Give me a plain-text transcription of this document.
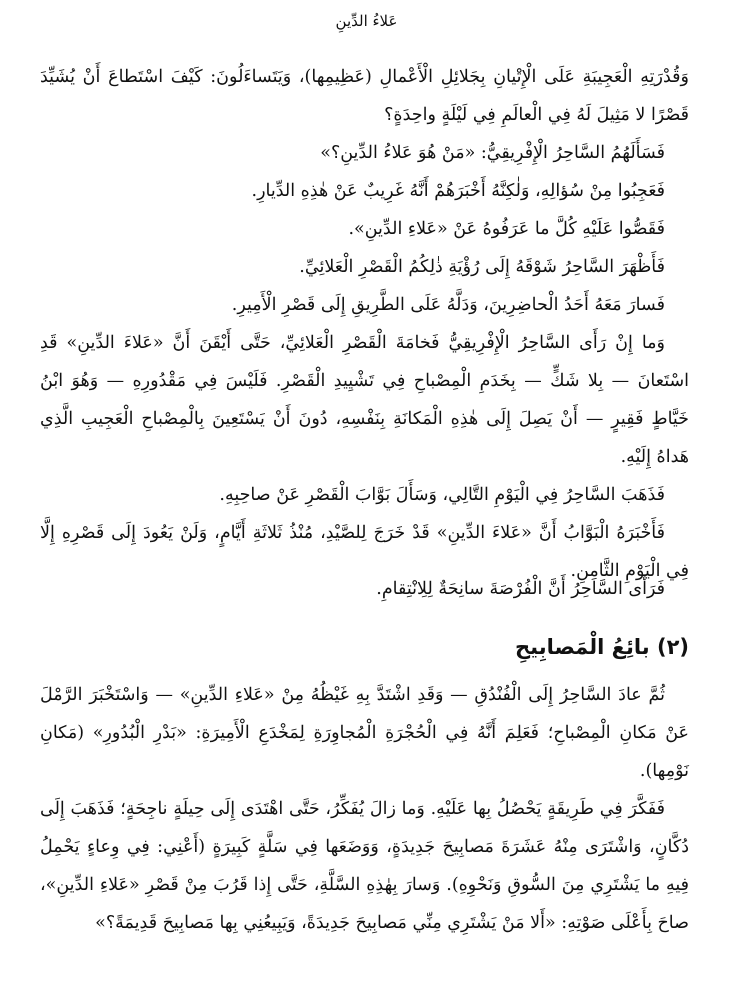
عَلاءُ الدِّينِ

وَقُدْرَتِهِ الْعَجِيبَةِ عَلَى الْإِتْيانِ بِجَلائِلِ الْأَعْمالِ (عَظِيمِها)، وَيَتَساءَلُونَ: كَيْفَ اسْتَطاعَ أَنْ يُشَيِّدَ قَصْرًا لا مَثِيلَ لَهُ فِي الْعالَمِ فِي لَيْلَةٍ واحِدَةٍ؟

فَسَأَلَهُمُ السَّاحِرُ الْإِفْرِيقِيُّ: «مَنْ هُوَ عَلاءُ الدِّينِ؟»

فَعَجِبُوا مِنْ سُؤالِهِ، وَلٰكِنَّهُ أَخْبَرَهُمْ أَنَّهُ غَرِيبٌ عَنْ هٰذِهِ الدِّيارِ.

فَقَصُّوا عَلَيْهِ كُلَّ ما عَرَفُوهُ عَنْ «عَلاءِ الدِّينِ».

فَأَظْهَرَ السَّاحِرُ شَوْقَهُ إِلَى رُؤْيَةِ ذٰلِكُمُ الْقَصْرِ الْعَلائِيِّ.

فَسارَ مَعَهُ أَحَدُ الْحاضِرِينَ، وَدَلَّهُ عَلَى الطَّرِيقِ إِلَى قَصْرِ الْأَمِيرِ.

وَما إِنْ رَأَى السَّاحِرُ الْإِفْرِيقِيُّ فَخامَةَ الْقَصْرِ الْعَلائِيِّ، حَتَّى أَيْقَنَ أَنَّ «عَلاءَ الدِّينِ» قَدِ اسْتَعانَ — بِلا شَكٍّ — بِخَدَمِ الْمِصْباحِ فِي تَشْيِيدِ الْقَصْرِ. فَلَيْسَ فِي مَقْدُورِهِ — وَهُوَ ابْنُ خَيَّاطٍ فَقِيرٍ — أَنْ يَصِلَ إِلَى هٰذِهِ الْمَكانَةِ بِنَفْسِهِ، دُونَ أَنْ يَسْتَعِينَ بِالْمِصْباحِ الْعَجِيبِ الَّذِي هَداهُ إِلَيْهِ.

فَذَهَبَ السَّاحِرُ فِي الْيَوْمِ التَّالِي، وَسَأَلَ بَوَّابَ الْقَصْرِ عَنْ صاحِبِهِ.

فَأَخْبَرَهُ الْبَوَّابُ أَنَّ «عَلاءَ الدِّينِ» قَدْ خَرَجَ لِلصَّيْدِ، مُنْذُ ثَلاثَةِ أَيَّامٍ، وَلَنْ يَعُودَ إِلَى قَصْرِهِ إِلَّا فِي الْيَوْمِ الثَّامِنِ.

فَرَأَى السَّاحِرُ أَنَّ الْفُرْصَةَ سانِحَةٌ لِلِانْتِقامِ.

(٢) بائِعُ الْمَصابِيحِ

ثُمَّ عادَ السَّاحِرُ إِلَى الْفُنْدُقِ — وَقَدِ اشْتَدَّ بِهِ غَيْظُهُ مِنْ «عَلاءِ الدِّينِ» — وَاسْتَخْبَرَ الرَّمْلَ عَنْ مَكانِ الْمِصْباحِ؛ فَعَلِمَ أَنَّهُ فِي الْحُجْرَةِ الْمُجاوِرَةِ لِمَخْدَعِ الْأَمِيرَةِ: «بَدْرِ الْبُدُورِ» (مَكانِ نَوْمِها).

فَفَكَّرَ فِي طَرِيقَةٍ يَحْصُلُ بِها عَلَيْهِ. وَما زالَ يُفَكِّرُ، حَتَّى اهْتَدَى إِلَى حِيلَةٍ ناجِحَةٍ؛ فَذَهَبَ إِلَى دُكَّانٍ، وَاشْتَرَى مِنْهُ عَشَرَةَ مَصابِيحَ جَدِيدَةٍ، وَوَضَعَها فِي سَلَّةٍ كَبِيرَةٍ (أَعْنِي: فِي وِعاءٍ يَحْمِلُ فِيهِ ما يَشْتَرِي مِنَ السُّوقِ وَنَحْوِهِ). وَسارَ بِهٰذِهِ السَّلَّةِ، حَتَّى إِذا قَرُبَ مِنْ قَصْرِ «عَلاءِ الدِّينِ»، صاحَ بِأَعْلَى صَوْتِهِ: «أَلا مَنْ يَشْتَرِي مِنِّي مَصابِيحَ جَدِيدَةً، وَيَبِيعُنِي بِها مَصابِيحَ قَدِيمَةً؟»
